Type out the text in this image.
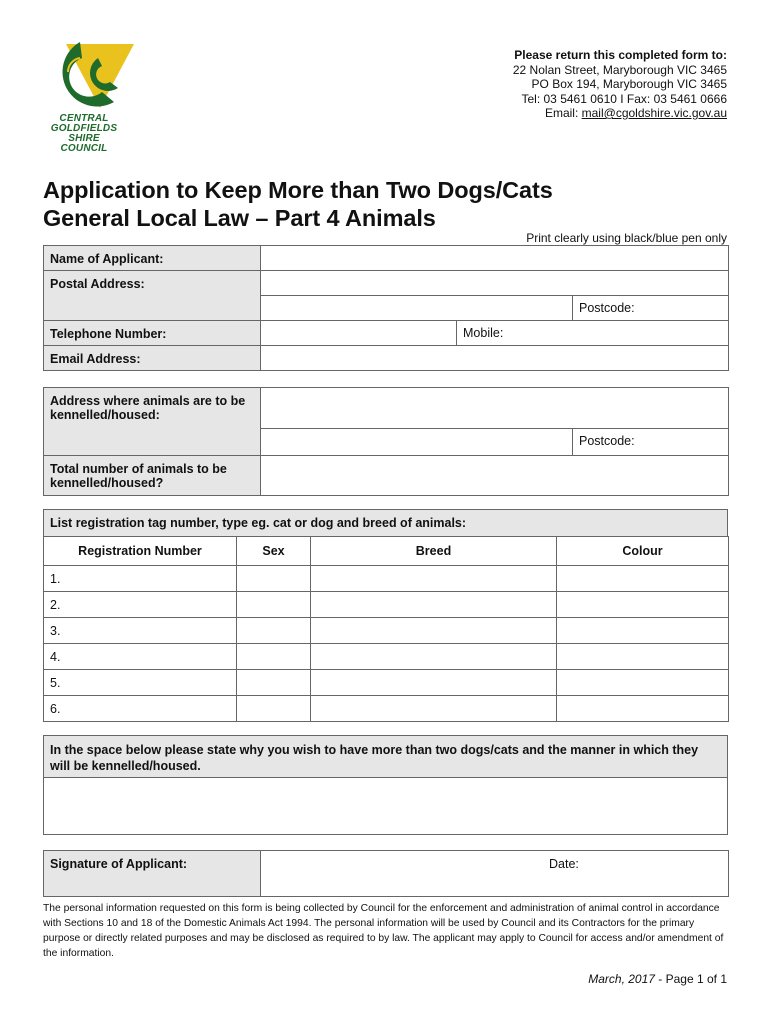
CENTRAL
GOLDFIELDS
SHIRE
COUNCIL
Please return this completed form to:
22 Nolan Street, Maryborough VIC 3465
PO Box 194, Maryborough VIC 3465
Tel: 03 5461 0610 I Fax: 03 5461 0666
Email: mail@cgoldshire.vic.gov.au
Application to Keep More than Two Dogs/Cats
General Local Law – Part 4 Animals
Print clearly using black/blue pen only
Name of Applicant:			
Postal Address:			
			Postcode:
Telephone Number:		Mobile:	
Email Address:			
Address where animals are to be kennelled/housed:		
		Postcode:
Total number of animals to be kennelled/housed?		
List registration tag number, type eg. cat or dog and breed of animals:
Registration Number	Sex	Breed	Colour
1.			
2.			
3.			
4.			
5.			
6.			
In the space below please state why you wish to have more than two dogs/cats and the manner in which they will be kennelled/housed.
Signature of Applicant:	Date:
The personal information requested on this form is being collected by Council for the enforcement and administration of animal control in accordance with Sections 10 and 18 of the Domestic Animals Act 1994. The personal information will be used by Council and its Contractors for the primary purpose or directly related purposes and may be disclosed as required to by law. The applicant may apply to Council for access and/or amendment of the information.
March, 2017 - Page 1 of 1
